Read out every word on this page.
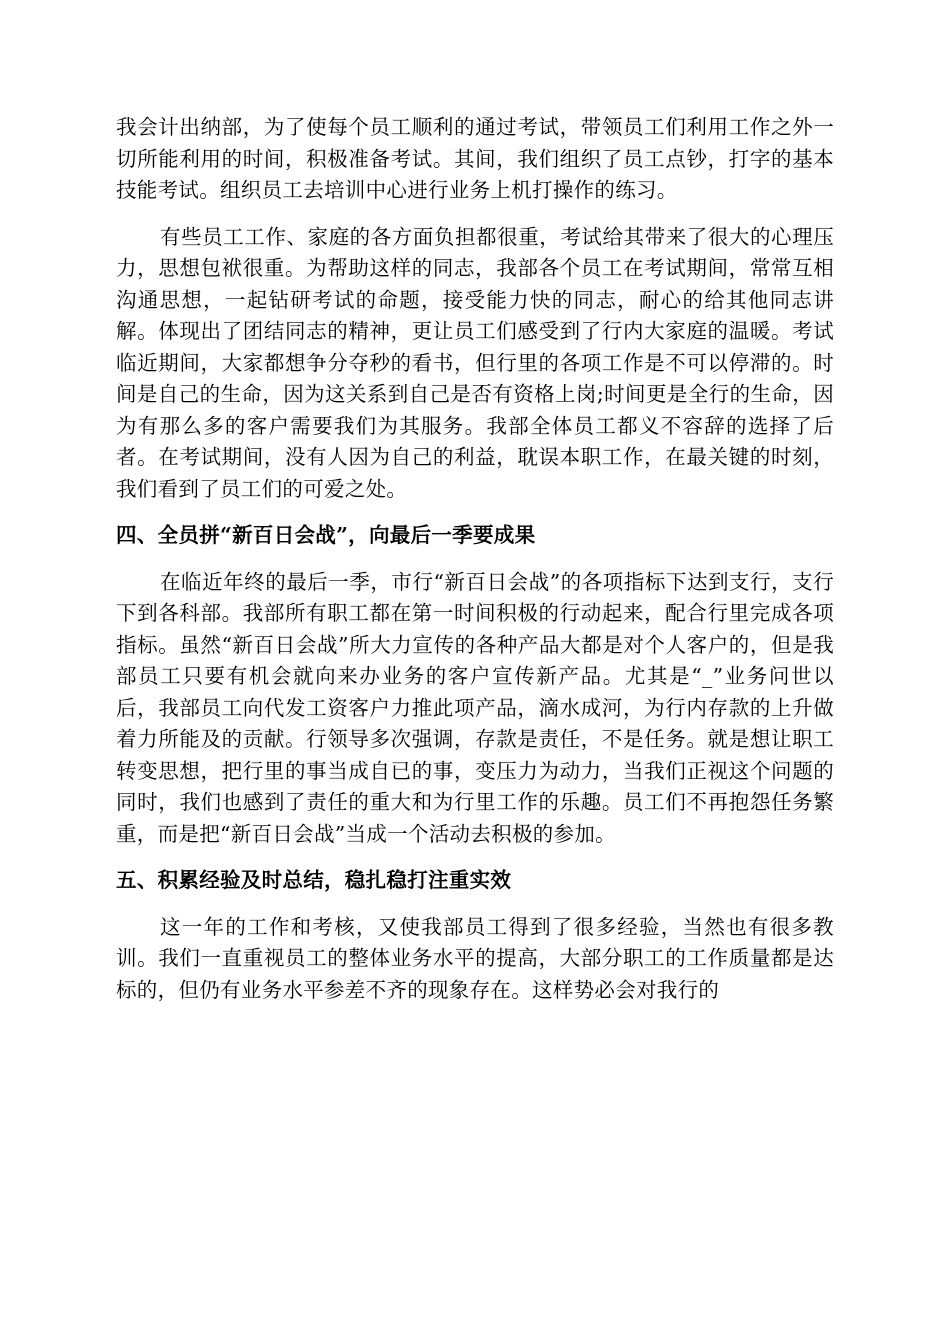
我会计出纳部，为了使每个员工顺利的通过考试，带领员工们利用工作之外一切所能利用的时间，积极准备考试。其间，我们组织了员工点钞，打字的基本技能考试。组织员工去培训中心进行业务上机打操作的练习。

有些员工工作、家庭的各方面负担都很重，考试给其带来了很大的心理压力，思想包袱很重。为帮助这样的同志，我部各个员工在考试期间，常常互相沟通思想，一起钻研考试的命题，接受能力快的同志，耐心的给其他同志讲解。体现出了团结同志的精神，更让员工们感受到了行内大家庭的温暖。考试临近期间，大家都想争分夺秒的看书，但行里的各项工作是不可以停滞的。时间是自己的生命，因为这关系到自己是否有资格上岗;时间更是全行的生命，因为有那么多的客户需要我们为其服务。我部全体员工都义不容辞的选择了后者。在考试期间，没有人因为自己的利益，耽误本职工作，在最关键的时刻，我们看到了员工们的可爱之处。

四、全员拼“新百日会战”，向最后一季要成果

在临近年终的最后一季，市行“新百日会战”的各项指标下达到支行，支行下到各科部。我部所有职工都在第一时间积极的行动起来，配合行里完成各项指标。虽然“新百日会战”所大力宣传的各种产品大都是对个人客户的，但是我部员工只要有机会就向来办业务的客户宣传新产品。尤其是“_”业务问世以后，我部员工向代发工资客户力推此项产品，滴水成河，为行内存款的上升做着力所能及的贡献。行领导多次强调，存款是责任，不是任务。就是想让职工转变思想，把行里的事当成自已的事，变压力为动力，当我们正视这个问题的同时，我们也感到了责任的重大和为行里工作的乐趣。员工们不再抱怨任务繁重，而是把“新百日会战”当成一个活动去积极的参加。

五、积累经验及时总结，稳扎稳打注重实效

这一年的工作和考核，又使我部员工得到了很多经验，当然也有很多教训。我们一直重视员工的整体业务水平的提高，大部分职工的工作质量都是达标的，但仍有业务水平参差不齐的现象存在。这样势必会对我行的
